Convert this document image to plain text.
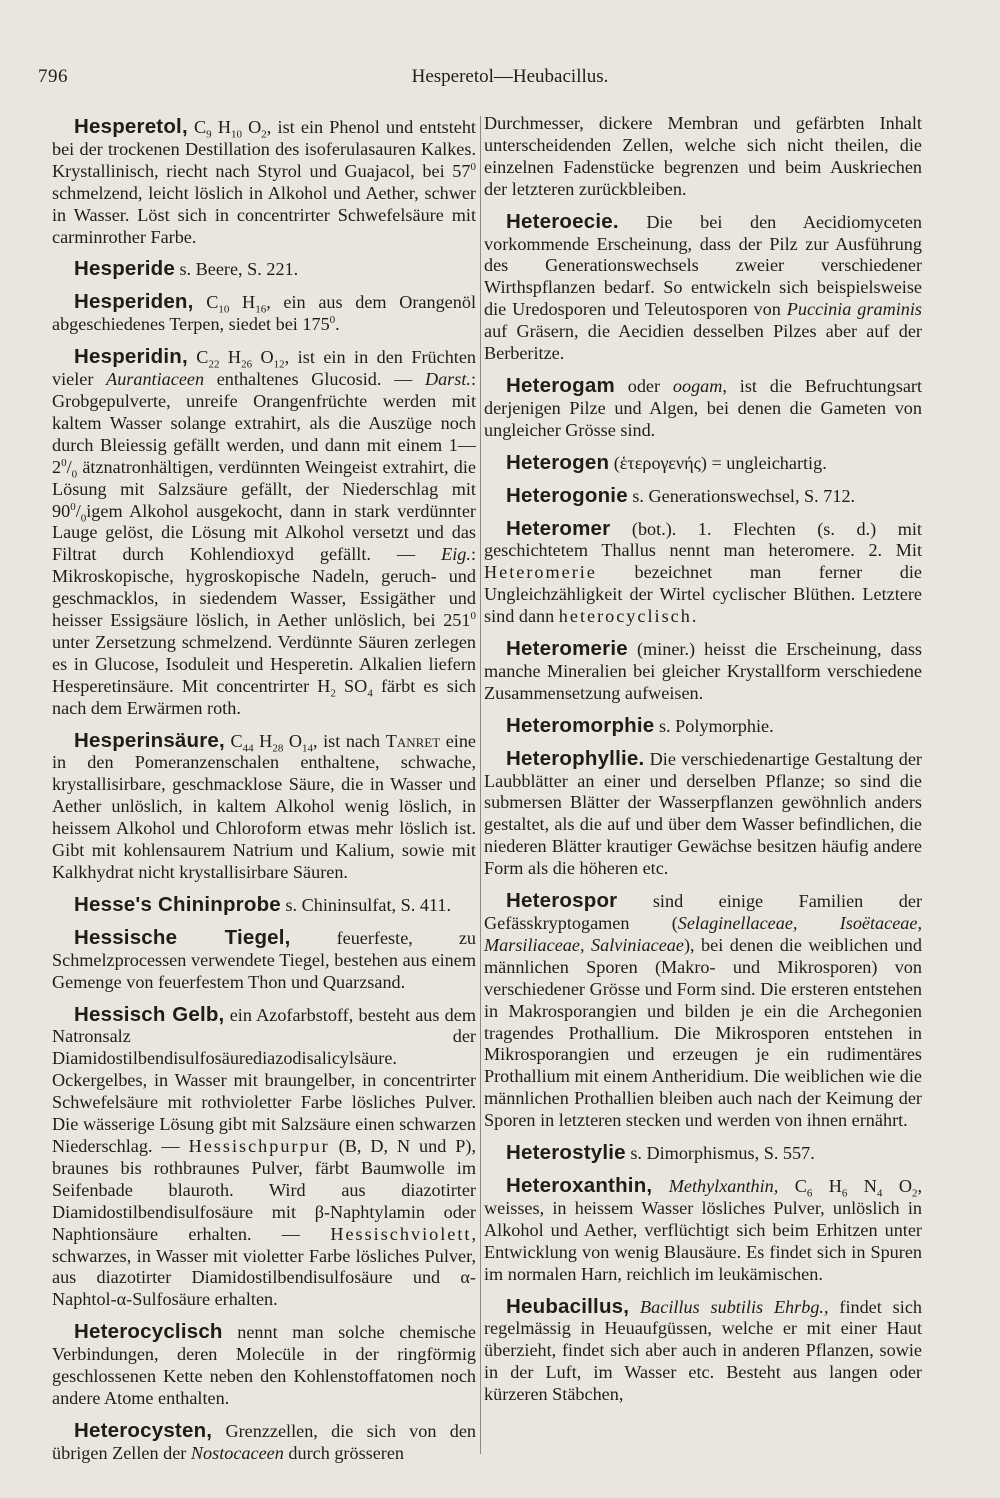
796	Hesperetol—Heubacillus.

Hesperetol, $C_9$ $H_{10}$ $O_2$, ist ein Phenol und entsteht bei der trockenen Destillation des isoferulasauren Kalkes. Krystallinisch, riecht nach Styrol und Guajacol, bei $57^0$ schmelzend, leicht löslich in Alkohol und Aether, schwer in Wasser. Löst sich in concentrirter Schwefelsäure mit carminrother Farbe.

Hesperide s. Beere, S. 221.

Hesperiden, $C_{10}$ $H_{16}$, ein aus dem Orangenöl abgeschiedenes Terpen, siedet bei $175^0$.

Hesperidin, $C_{22}$ $H_{26}$ $O_{12}$, ist ein in den Früchten vieler Aurantiaceen enthaltenes Glucosid. — Darst.: Grobgepulverte, unreife Orangenfrüchte werden mit kaltem Wasser solange extrahirt, als die Auszüge noch durch Bleiessig gefällt werden, und dann mit einem $1—2^0/_0$ ätznatronhältigen, verdünnten Weingeist extrahirt, die Lösung mit Salzsäure gefällt, der Niederschlag mit $90^0/_0igem$ Alkohol ausgekocht, dann in stark verdünnter Lauge gelöst, die Lösung mit Alkohol versetzt und das Filtrat durch Kohlendioxyd gefällt. — Eig.: Mikroskopische, hygroskopische Nadeln, geruch- und geschmacklos, in siedendem Wasser, Essigäther und heisser Essigsäure löslich, in Aether unlöslich, bei $251^0$ unter Zersetzung schmelzend. Verdünnte Säuren zerlegen es in Glucose, Isoduleit und Hesperetin. Alkalien liefern Hesperetinsäure. Mit concentrirter $H_2$ $SO_4$ färbt es sich nach dem Erwärmen roth.

Hesperinsäure, $C_{44}$ $H_{28}$ $O_{14}$, ist nach Tanret eine in den Pomeranzenschalen enthaltene, schwache, krystallisirbare, geschmacklose Säure, die in Wasser und Aether unlöslich, in kaltem Alkohol wenig löslich, in heissem Alkohol und Chloroform etwas mehr löslich ist. Gibt mit kohlensaurem Natrium und Kalium, sowie mit Kalkhydrat nicht krystallisirbare Säuren.

Hesse's Chininprobe s. Chininsulfat, S. 411.

Hessische Tiegel, feuerfeste, zu Schmelzprocessen verwendete Tiegel, bestehen aus einem Gemenge von feuerfestem Thon und Quarzsand.

Hessisch Gelb, ein Azofarbstoff, besteht aus dem Natronsalz der Diamidostilbendisulfosäurediazodisalicylsäure. Ockergelbes, in Wasser mit braungelber, in concentrirter Schwefelsäure mit rothvioletter Farbe lösliches Pulver. Die wässerige Lösung gibt mit Salzsäure einen schwarzen Niederschlag. — Hessischpurpur (B, D, N und P), braunes bis rothbraunes Pulver, färbt Baumwolle im Seifenbade blauroth. Wird aus diazotirter Diamidostilbendisulfosäure mit β-Naphtylamin oder Naphtionsäure erhalten. — Hessischviolett, schwarzes, in Wasser mit violetter Farbe lösliches Pulver, aus diazotirter Diamidostilbendisulfosäure und α-Naphtol-α-Sulfosäure erhalten.

Heterocyclisch nennt man solche chemische Verbindungen, deren Molecüle in der ringförmig geschlossenen Kette neben den Kohlenstoffatomen noch andere Atome enthalten.

Heterocysten, Grenzzellen, die sich von den übrigen Zellen der Nostocaceen durch grösseren

Durchmesser, dickere Membran und gefärbten Inhalt unterscheidenden Zellen, welche sich nicht theilen, die einzelnen Fadenstücke begrenzen und beim Auskriechen der letzteren zurückbleiben.

Heteroecie. Die bei den Aecidiomyceten vorkommende Erscheinung, dass der Pilz zur Ausführung des Generationswechsels zweier verschiedener Wirthspflanzen bedarf. So entwickeln sich beispielsweise die Uredosporen und Teleutosporen von Puccinia graminis auf Gräsern, die Aecidien desselben Pilzes aber auf der Berberitze.

Heterogam oder oogam, ist die Befruchtungsart derjenigen Pilze und Algen, bei denen die Gameten von ungleicher Grösse sind.

Heterogen (ἑτερογενής) = ungleichartig.

Heterogonie s. Generationswechsel, S. 712.

Heteromer (bot.). 1. Flechten (s. d.) mit geschichtetem Thallus nennt man heteromere. 2. Mit Heteromerie bezeichnet man ferner die Ungleichzähligkeit der Wirtel cyclischer Blüthen. Letztere sind dann heterocyclisch.

Heteromerie (miner.) heisst die Erscheinung, dass manche Mineralien bei gleicher Krystallform verschiedene Zusammensetzung aufweisen.

Heteromorphie s. Polymorphie.

Heterophyllie. Die verschiedenartige Gestaltung der Laubblätter an einer und derselben Pflanze; so sind die submersen Blätter der Wasserpflanzen gewöhnlich anders gestaltet, als die auf und über dem Wasser befindlichen, die niederen Blätter krautiger Gewächse besitzen häufig andere Form als die höheren etc.

Heterospor sind einige Familien der Gefässkryptogamen (Selaginellaceae, Isoëtaceae, Marsiliaceae, Salviniaceae), bei denen die weiblichen und männlichen Sporen (Makro- und Mikrosporen) von verschiedener Grösse und Form sind. Die ersteren entstehen in Makrosporangien und bilden je ein die Archegonien tragendes Prothallium. Die Mikrosporen entstehen in Mikrosporangien und erzeugen je ein rudimentäres Prothallium mit einem Antheridium. Die weiblichen wie die männlichen Prothallien bleiben auch nach der Keimung der Sporen in letzteren stecken und werden von ihnen ernährt.

Heterostylie s. Dimorphismus, S. 557.

Heteroxanthin, Methylxanthin, $C_6$ $H_6$ $N_4$ $O_2$, weisses, in heissem Wasser lösliches Pulver, unlöslich in Alkohol und Aether, verflüchtigt sich beim Erhitzen unter Entwicklung von wenig Blausäure. Es findet sich in Spuren im normalen Harn, reichlich im leukämischen.

Heubacillus, Bacillus subtilis Ehrbg., findet sich regelmässig in Heuaufgüssen, welche er mit einer Haut überzieht, findet sich aber auch in anderen Pflanzen, sowie in der Luft, im Wasser etc. Besteht aus langen oder kürzeren Stäbchen,
